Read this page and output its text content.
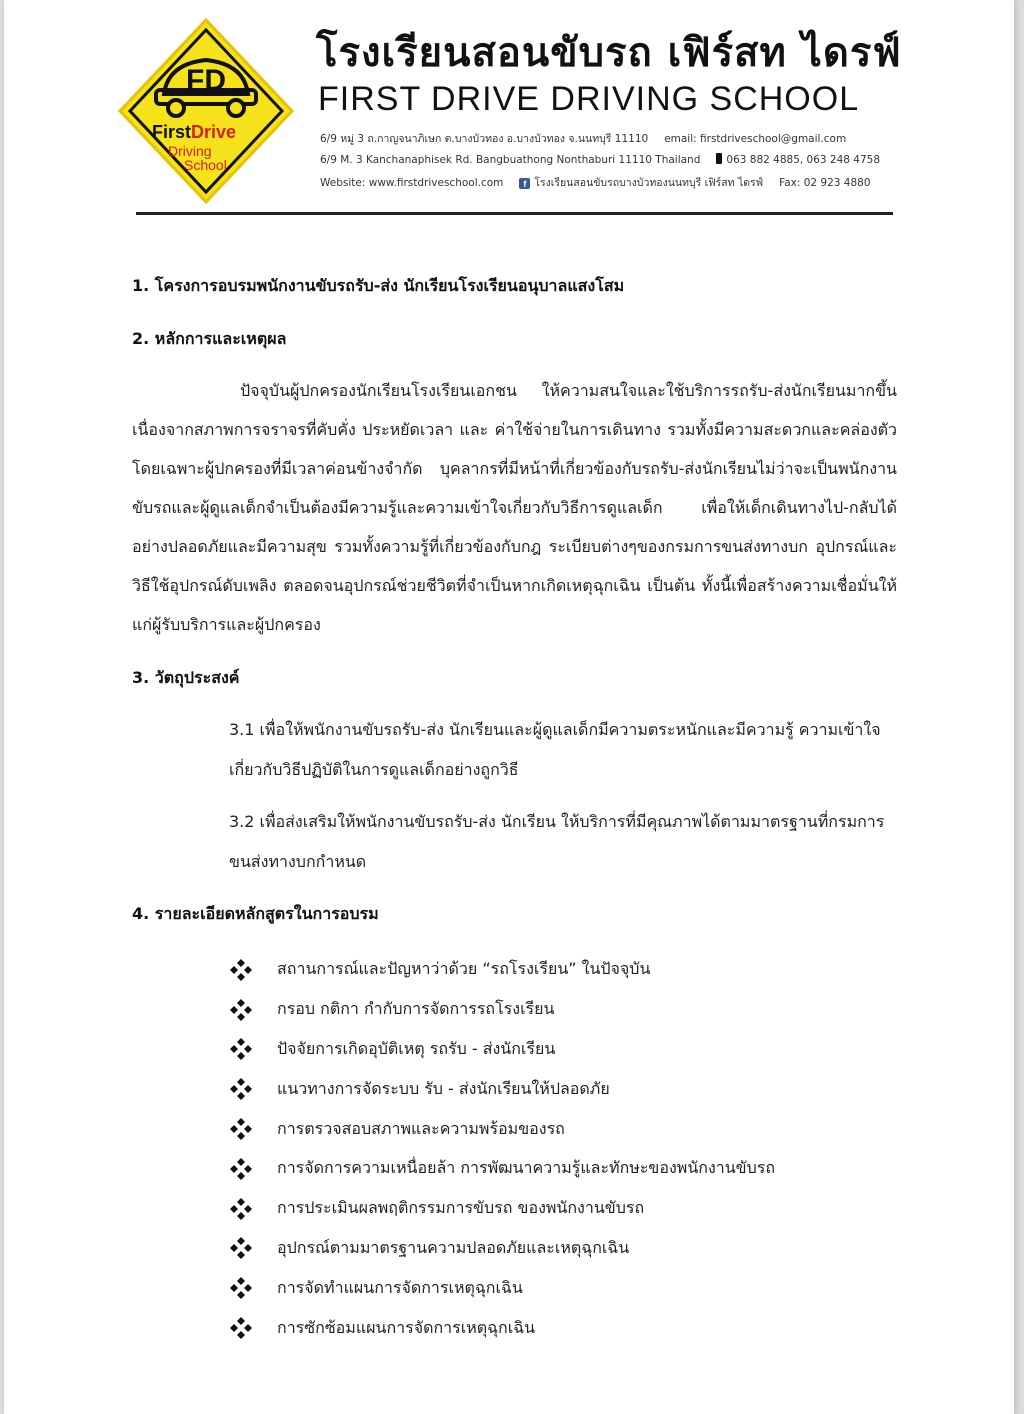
FD
FirstDrive
Driving
School
โรงเรียนสอนขับรถ เฟิร์สท ไดรฟ์
FIRST DRIVE DRIVING SCHOOL
6/9 หมู่ 3 ถ.กาญจนาภิเษก ต.บางบัวทอง อ.บางบัวทอง จ.นนทบุรี 11110 email: firstdriveschool@gmail.com
6/9 M. 3 Kanchanaphisek Rd. Bangbuathong Nonthaburi 11110 Thailand 063 882 4885, 063 248 4758
Website: www.firstdriveschool.com f โรงเรียนสอนขับรถบางบัวทองนนทบุรี เฟิร์สท ไดรฟ์ Fax: 02 923 4880
1. โครงการอบรมพนักงานขับรถรับ-ส่ง นักเรียนโรงเรียนอนุบาลแสงโสม
2. หลักการและเหตุผล
ปัจจุบันผู้ปกครองนักเรียนโรงเรียนเอกชน ให้ความสนใจและใช้บริการรถรับ-ส่งนักเรียนมากขึ้น เนื่องจากสภาพการจราจรที่คับคั่ง ประหยัดเวลา และ ค่าใช้จ่ายในการเดินทาง รวมทั้งมีความสะดวกและคล่องตัว โดยเฉพาะผู้ปกครองที่มีเวลาค่อนข้างจำกัด บุคลากรที่มีหน้าที่เกี่ยวข้องกับรถรับ-ส่งนักเรียนไม่ว่าจะเป็นพนักงานขับรถและผู้ดูแลเด็กจำเป็นต้องมีความรู้และความเข้าใจเกี่ยวกับวิธีการดูแลเด็ก เพื่อให้เด็กเดินทางไป-กลับได้อย่างปลอดภัยและมีความสุข รวมทั้งความรู้ที่เกี่ยวข้องกับกฎ ระเบียบต่างๆของกรมการขนส่งทางบก อุปกรณ์และวิธีใช้อุปกรณ์ดับเพลิง ตลอดจนอุปกรณ์ช่วยชีวิตที่จำเป็นหากเกิดเหตุฉุกเฉิน เป็นต้น ทั้งนี้เพื่อสร้างความเชื่อมั่นให้แก่ผู้รับบริการและผู้ปกครอง
3. วัตถุประสงค์
3.1 เพื่อให้พนักงานขับรถรับ-ส่ง นักเรียนและผู้ดูแลเด็กมีความตระหนักและมีความรู้ ความเข้าใจเกี่ยวกับวิธีปฏิบัติในการดูแลเด็กอย่างถูกวิธี
3.2 เพื่อส่งเสริมให้พนักงานขับรถรับ-ส่ง นักเรียน ให้บริการที่มีคุณภาพได้ตามมาตรฐานที่กรมการขนส่งทางบกกำหนด
4. รายละเอียดหลักสูตรในการอบรม
สถานการณ์และปัญหาว่าด้วย “รถโรงเรียน” ในปัจจุบัน
กรอบ กติกา กำกับการจัดการรถโรงเรียน
ปัจจัยการเกิดอุบัติเหตุ รถรับ - ส่งนักเรียน
แนวทางการจัดระบบ รับ - ส่งนักเรียนให้ปลอดภัย
การตรวจสอบสภาพและความพร้อมของรถ
การจัดการความเหนื่อยล้า การพัฒนาความรู้และทักษะของพนักงานขับรถ
การประเมินผลพฤติกรรมการขับรถ ของพนักงานขับรถ
อุปกรณ์ตามมาตรฐานความปลอดภัยและเหตุฉุกเฉิน
การจัดทำแผนการจัดการเหตุฉุกเฉิน
การซักซ้อมแผนการจัดการเหตุฉุกเฉิน
